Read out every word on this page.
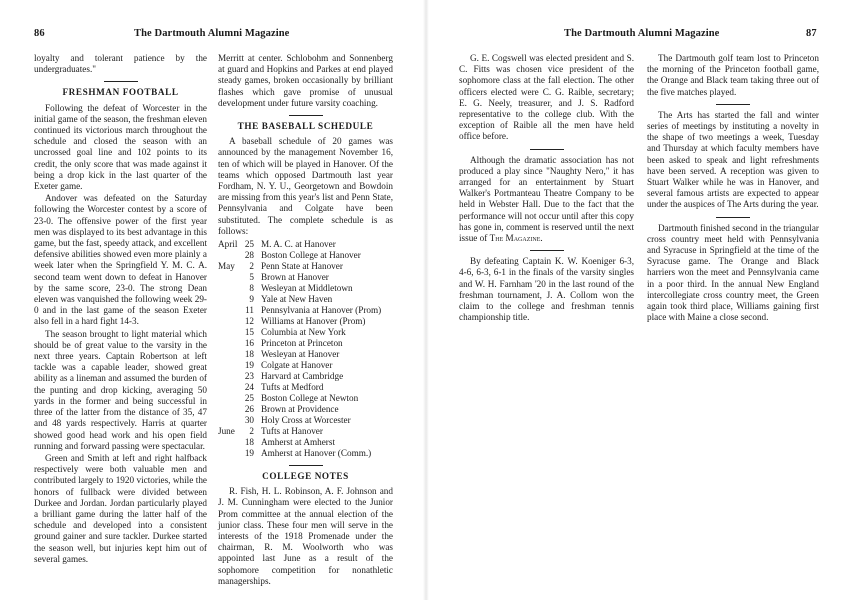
86	The Dartmouth Alumni Magazine

loyalty and tolerant patience by the undergraduates."

FRESHMAN FOOTBALL

Following the defeat of Worcester in the initial game of the season, the freshman eleven continued its victorious march throughout the schedule and closed the season with an uncrossed goal line and 102 points to its credit, the only score that was made against it being a drop kick in the last quarter of the Exeter game.

Andover was defeated on the Saturday following the Worcester contest by a score of 23-0. The offensive power of the first year men was displayed to its best advantage in this game, but the fast, speedy attack, and excellent defensive abilities showed even more plainly a week later when the Springfield Y. M. C. A. second team went down to defeat in Hanover by the same score, 23-0. The strong Dean eleven was vanquished the following week 29-0 and in the last game of the season Exeter also fell in a hard fight 14-3.

The season brought to light material which should be of great value to the varsity in the next three years. Captain Robertson at left tackle was a capable leader, showed great ability as a lineman and assumed the burden of the punting and drop kicking, averaging 50 yards in the former and being successful in three of the latter from the distance of 35, 47 and 48 yards respectively. Harris at quarter showed good head work and his open field running and forward passing were spectacular.

Green and Smith at left and right halfback respectively were both valuable men and contributed largely to 1920 victories, while the honors of fullback were divided between Durkee and Jordan. Jordan particularly played a brilliant game during the latter half of the schedule and developed into a consistent ground gainer and sure tackler. Durkee started the season well, but injuries kept him out of several games.

Merritt at center. Schlobohm and Sonnenberg at guard and Hopkins and Parkes at end played steady games, broken occasionally by brilliant flashes which gave promise of unusual development under future varsity coaching.

THE BASEBALL SCHEDULE

A baseball schedule of 20 games was announced by the management November 16, ten of which will be played in Hanover. Of the teams which opposed Dartmouth last year Fordham, N. Y. U., Georgetown and Bowdoin are missing from this year's list and Penn State, Pennsylvania and Colgate have been substituted. The complete schedule is as follows:

April 25 M. A. C. at Hanover
28 Boston College at Hanover
May	2 Penn State at Hanover
5 Brown at Hanover
8 Wesleyan at Middletown
9 Yale at New Haven
11 Pennsylvania at Hanover (Prom)
12 Williams at Hanover (Prom)
15 Columbia at New York
16 Princeton at Princeton
18 Wesleyan at Hanover
19 Colgate at Hanover
23 Harvard at Cambridge
24 Tufts at Medford
25 Boston College at Newton
26 Brown at Providence
30 Holy Cross at Worcester
June	2 Tufts at Hanover
18 Amherst at Amherst
19 Amherst at Hanover (Comm.)
COLLEGE NOTES

R. Fish, H. L. Robinson, A. F. Johnson and J. M. Cunningham were elected to the Junior Prom committee at the annual election of the junior class. These four men will serve in the interests of the 1918 Promenade under the chairman, R. M. Woolworth who was appointed last June as a result of the sophomore competition for nonathletic managerships.

The Dartmouth Alumni Magazine	87

G. E. Cogswell was elected president and S. C. Fitts was chosen vice president of the sophomore class at the fall election. The other officers elected were C. G. Raible, secretary; E. G. Neely, treasurer, and J. S. Radford representative to the college club. With the exception of Raible all the men have held office before.

Although the dramatic association has not produced a play since "Naughty Nero," it has arranged for an entertainment by Stuart Walker's Portmanteau Theatre Company to be held in Webster Hall. Due to the fact that the performance will not occur until after this copy has gone in, comment is reserved until the next issue of The Magazine.

By defeating Captain K. W. Koeniger 6-3, 4-6, 6-3, 6-1 in the finals of the varsity singles and W. H. Farnham '20 in the last round of the freshman tournament, J. A. Collom won the claim to the college and freshman tennis championship title.

The Dartmouth golf team lost to Princeton the morning of the Princeton football game, the Orange and Black team taking three out of the five matches played.

The Arts has started the fall and winter series of meetings by instituting a novelty in the shape of two meetings a week, Tuesday and Thursday at which faculty members have been asked to speak and light refreshments have been served. A reception was given to Stuart Walker while he was in Hanover, and several famous artists are expected to appear under the auspices of The Arts during the year.

Dartmouth finished second in the triangular cross country meet held with Pennsylvania and Syracuse in Springfield at the time of the Syracuse game. The Orange and Black harriers won the meet and Pennsylvania came in a poor third. In the annual New England intercollegiate cross country meet, the Green again took third place, Williams gaining first place with Maine a close second.
